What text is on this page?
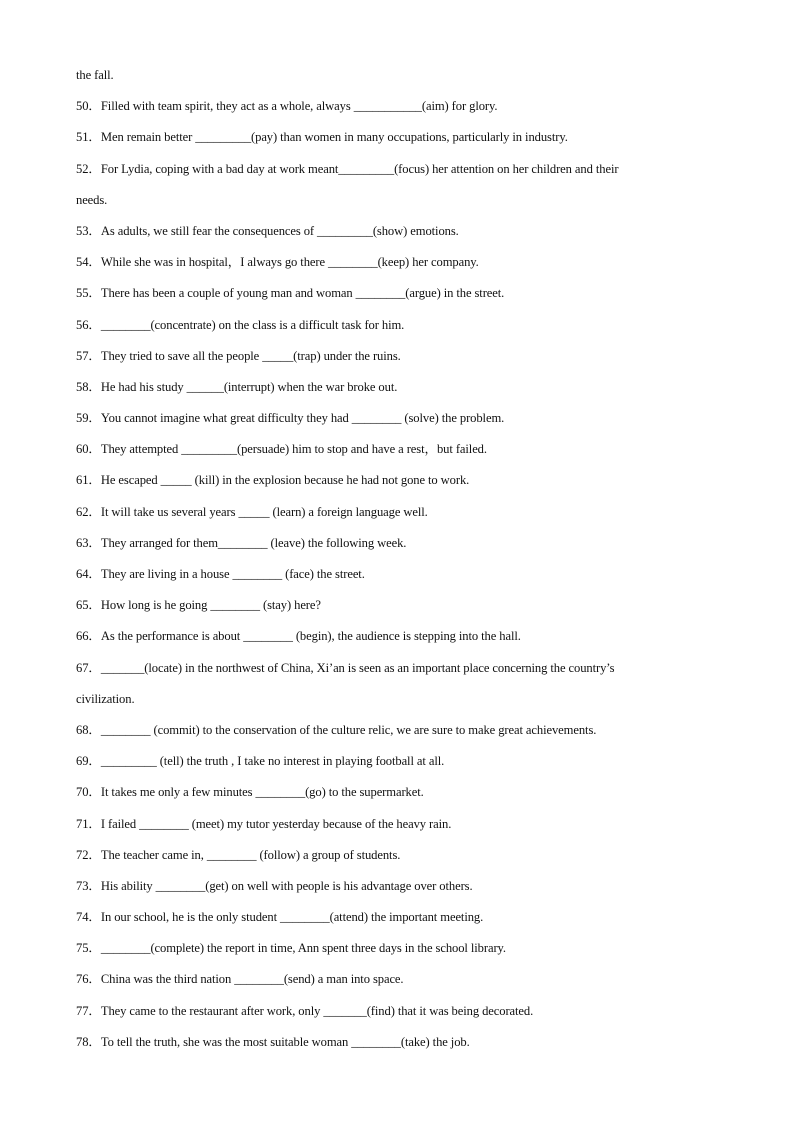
the fall.
50．Filled with team spirit, they act as a whole, always ___________(aim) for glory.
51．Men remain better _________(pay) than women in many occupations, particularly in industry.
52．For Lydia, coping with a bad day at work meant_________(focus) her attention on her children and their
needs.
53．As adults, we still fear the consequences of _________(show) emotions.
54．While she was in hospital，I always go there ________(keep) her company.
55．There has been a couple of young man and woman ________(argue) in the street.
56．________(concentrate) on the class is a difficult task for him.
57．They tried to save all the people _____(trap) under the ruins.
58．He had his study ______(interrupt) when the war broke out.
59．You cannot imagine what great difficulty they had ________ (solve) the problem.
60．They attempted _________(persuade) him to stop and have a rest，but failed.
61．He escaped _____ (kill) in the explosion because he had not gone to work.
62．It will take us several years _____ (learn) a foreign language well.
63．They arranged for them________ (leave) the following week.
64．They are living in a house ________ (face) the street.
65．How long is he going ________ (stay) here?
66．As the performance is about ________ (begin), the audience is stepping into the hall.
67．_______(locate) in the northwest of China, Xi’an is seen as an important place concerning the country’s
civilization.
68．________ (commit) to the conservation of the culture relic, we are sure to make great achievements.
69．_________ (tell) the truth , I take no interest in playing football at all.
70．It takes me only a few minutes ________(go) to the supermarket.
71．I failed ________ (meet) my tutor yesterday because of the heavy rain.
72．The teacher came in, ________ (follow) a group of students.
73．His ability ________(get) on well with people is his advantage over others.
74．In our school, he is the only student ________(attend) the important meeting.
75．________(complete) the report in time, Ann spent three days in the school library.
76．China was the third nation ________(send) a man into space.
77．They came to the restaurant after work, only _______(find) that it was being decorated.
78．To tell the truth, she was the most suitable woman ________(take) the job.
